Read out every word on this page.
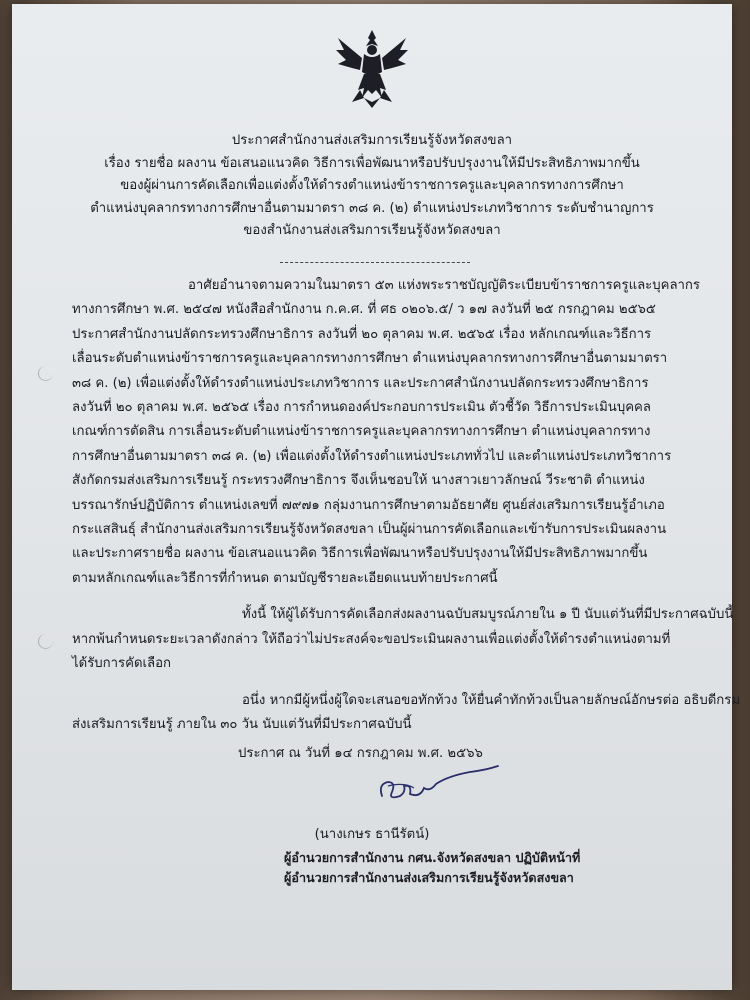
ประกาศสำนักงานส่งเสริมการเรียนรู้จังหวัดสงขลา
เรื่อง รายชื่อ ผลงาน ข้อเสนอแนวคิด วิธีการเพื่อพัฒนาหรือปรับปรุงงานให้มีประสิทธิภาพมากขึ้น
ของผู้ผ่านการคัดเลือกเพื่อแต่งตั้งให้ดำรงตำแหน่งข้าราชการครูและบุคลากรทางการศึกษา
ตำแหน่งบุคลากรทางการศึกษาอื่นตามมาตรา ๓๘ ค. (๒) ตำแหน่งประเภทวิชาการ ระดับชำนาญการ
ของสำนักงานส่งเสริมการเรียนรู้จังหวัดสงขลา
อาศัยอำนาจตามความในมาตรา ๕๓ แห่งพระราชบัญญัติระเบียบข้าราชการครูและบุคลากร
ทางการศึกษา พ.ศ. ๒๕๔๗ หนังสือสำนักงาน ก.ค.ศ. ที่ ศธ ๐๒๐๖.๕/ ว ๑๗ ลงวันที่ ๒๕ กรกฎาคม ๒๕๖๕
ประกาศสำนักงานปลัดกระทรวงศึกษาธิการ ลงวันที่ ๒๐ ตุลาคม พ.ศ. ๒๕๖๕ เรื่อง หลักเกณฑ์และวิธีการ
เลื่อนระดับตำแหน่งข้าราชการครูและบุคลากรทางการศึกษา ตำแหน่งบุคลากรทางการศึกษาอื่นตามมาตรา
๓๘ ค. (๒) เพื่อแต่งตั้งให้ดำรงตำแหน่งประเภทวิชาการ และประกาศสำนักงานปลัดกระทรวงศึกษาธิการ
ลงวันที่ ๒๐ ตุลาคม พ.ศ. ๒๕๖๕ เรื่อง การกำหนดองค์ประกอบการประเมิน ตัวชี้วัด วิธีการประเมินบุคคล
เกณฑ์การตัดสิน การเลื่อนระดับตำแหน่งข้าราชการครูและบุคลากรทางการศึกษา ตำแหน่งบุคลากรทาง
การศึกษาอื่นตามมาตรา ๓๘ ค. (๒) เพื่อแต่งตั้งให้ดำรงตำแหน่งประเภททั่วไป และตำแหน่งประเภทวิชาการ
สังกัดกรมส่งเสริมการเรียนรู้ กระทรวงศึกษาธิการ จึงเห็นชอบให้ นางสาวเยาวลักษณ์ วีระชาติ ตำแหน่ง
บรรณารักษ์ปฏิบัติการ ตำแหน่งเลขที่ ๗๙๗๑ กลุ่มงานการศึกษาตามอัธยาศัย ศูนย์ส่งเสริมการเรียนรู้อำเภอ
กระแสสินธุ์ สำนักงานส่งเสริมการเรียนรู้จังหวัดสงขลา เป็นผู้ผ่านการคัดเลือกและเข้ารับการประเมินผลงาน
และประกาศรายชื่อ ผลงาน ข้อเสนอแนวคิด วิธีการเพื่อพัฒนาหรือปรับปรุงงานให้มีประสิทธิภาพมากขึ้น
ตามหลักเกณฑ์และวิธีการที่กำหนด ตามบัญชีรายละเอียดแนบท้ายประกาศนี้
ทั้งนี้ ให้ผู้ได้รับการคัดเลือกส่งผลงานฉบับสมบูรณ์ภายใน ๑ ปี นับแต่วันที่มีประกาศฉบับนี้
หากพ้นกำหนดระยะเวลาดังกล่าว ให้ถือว่าไม่ประสงค์จะขอประเมินผลงานเพื่อแต่งตั้งให้ดำรงตำแหน่งตามที่
ได้รับการคัดเลือก
อนึ่ง หากมีผู้หนึ่งผู้ใดจะเสนอขอทักท้วง ให้ยื่นคำทักท้วงเป็นลายลักษณ์อักษรต่อ อธิบดีกรม
ส่งเสริมการเรียนรู้ ภายใน ๓๐ วัน นับแต่วันที่มีประกาศฉบับนี้
ประกาศ ณ วันที่ ๑๔ กรกฎาคม พ.ศ. ๒๕๖๖
(นางเกษร ธานีรัตน์)
ผู้อำนวยการสำนักงาน กศน.จังหวัดสงขลา ปฏิบัติหน้าที่
ผู้อำนวยการสำนักงานส่งเสริมการเรียนรู้จังหวัดสงขลา
